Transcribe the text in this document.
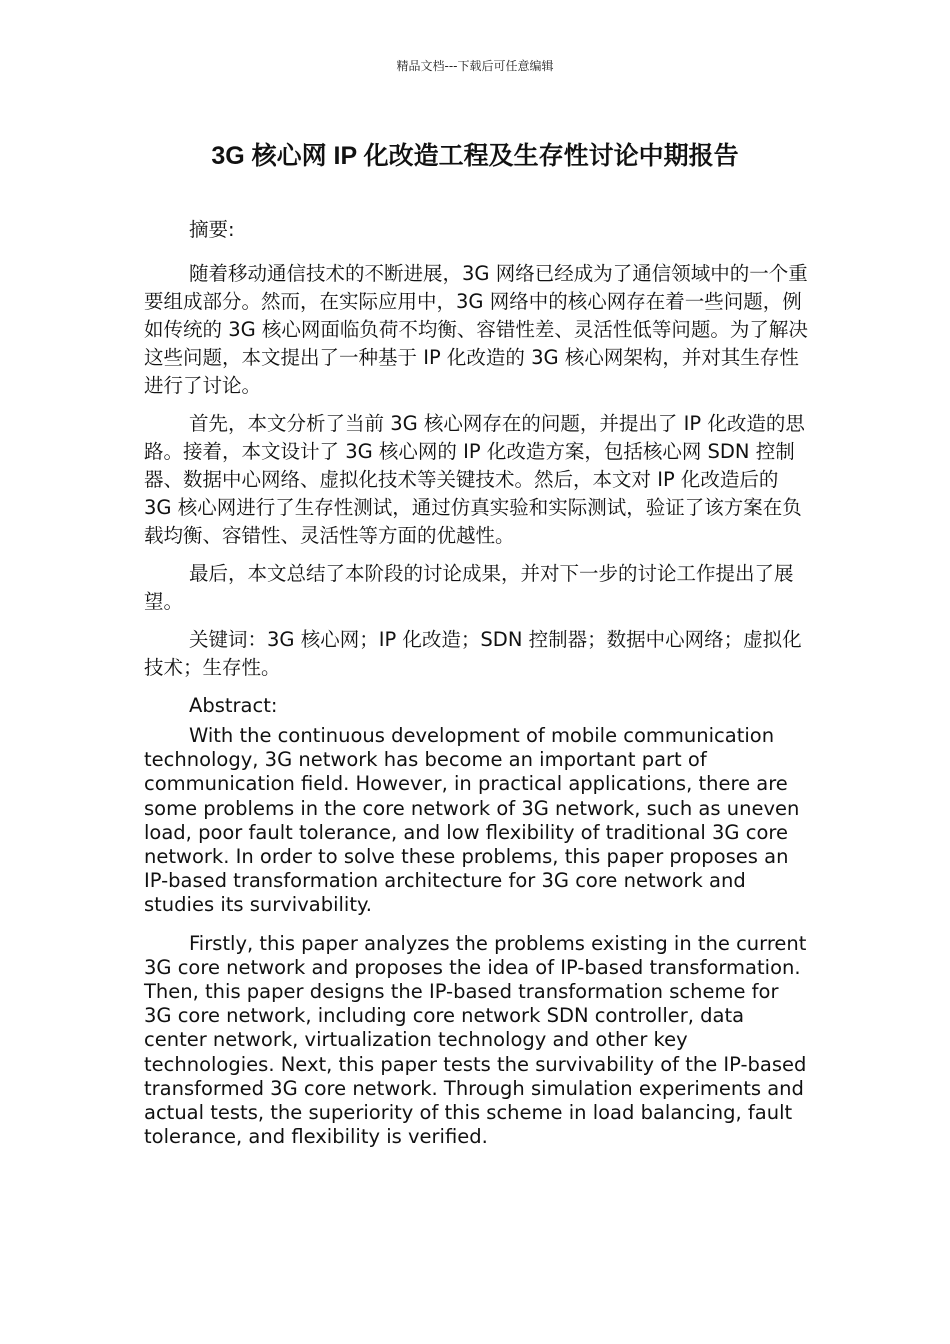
精品文档---下载后可任意编辑
3G 核心网 IP 化改造工程及生存性讨论中期报告

摘要:

随着移动通信技术的不断进展，3G 网络已经成为了通信领域中的一个重要组成部分。然而，在实际应用中，3G 网络中的核心网存在着一些问题，例如传统的 3G 核心网面临负荷不均衡、容错性差、灵活性低等问题。为了解决这些问题，本文提出了一种基于 IP 化改造的 3G 核心网架构，并对其生存性进行了讨论。

首先，本文分析了当前 3G 核心网存在的问题，并提出了 IP 化改造的思路。接着，本文设计了 3G 核心网的 IP 化改造方案，包括核心网 SDN 控制器、数据中心网络、虚拟化技术等关键技术。然后，本文对 IP 化改造后的 3G 核心网进行了生存性测试，通过仿真实验和实际测试，验证了该方案在负载均衡、容错性、灵活性等方面的优越性。

最后，本文总结了本阶段的讨论成果，并对下一步的讨论工作提出了展望。

关键词：3G 核心网；IP 化改造；SDN 控制器；数据中心网络；虚拟化技术；生存性。

Abstract:

With the continuous development of mobile communication technology, 3G network has become an important part of communication field. However, in practical applications, there are some problems in the core network of 3G network, such as uneven load, poor fault tolerance, and low flexibility of traditional 3G core network. In order to solve these problems, this paper proposes an IP-based transformation architecture for 3G core network and studies its survivability.

Firstly, this paper analyzes the problems existing in the current 3G core network and proposes the idea of IP-based transformation. Then, this paper designs the IP-based transformation scheme for 3G core network, including core network SDN controller, data center network, virtualization technology and other key technologies. Next, this paper tests the survivability of the IP-based transformed 3G core network. Through simulation experiments and actual tests, the superiority of this scheme in load balancing, fault tolerance, and flexibility is verified.
